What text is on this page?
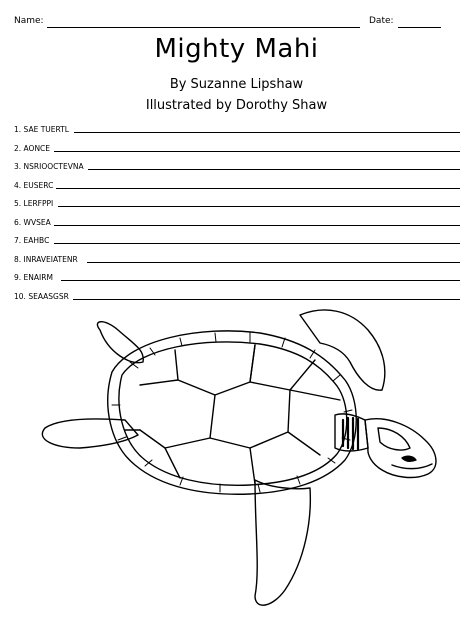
Name:	Date:
Mighty Mahi
By Suzanne Lipshaw
Illustrated by Dorothy Shaw
1. SAE TUERTL
2. AONCE
3. NSRIOOCTEVNA
4. EUSERC
5. LERFPPI
6. WVSEA
7. EAHBC
8. INRAVEIATENR
9. ENAIRM
10. SEAASGSR
